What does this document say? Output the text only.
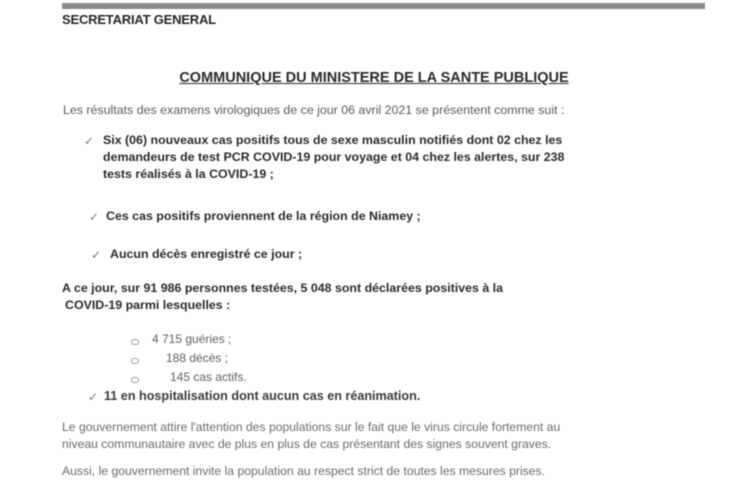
SECRETARIAT GENERAL
COMMUNIQUE DU MINISTERE DE LA SANTE PUBLIQUE
Les résultats des examens virologiques de ce jour 06 avril 2021 se présentent comme suit :
✓ Six (06) nouveaux cas positifs tous de sexe masculin notifiés dont 02 chez les
demandeurs de test PCR COVID-19 pour voyage et 04 chez les alertes, sur 238
tests réalisés à la COVID-19 ;
✓ Ces cas positifs proviennent de la région de Niamey ;
✓ Aucun décès enregistré ce jour ;
A ce jour, sur 91 986 personnes testées, 5 048 sont déclarées positives à la
COVID-19 parmi lesquelles :
4 715 guéries ;
188 décès ;
145 cas actifs.
✓ 11 en hospitalisation dont aucun cas en réanimation.
Le gouvernement attire l'attention des populations sur le fait que le virus circule fortement au
niveau communautaire avec de plus en plus de cas présentant des signes souvent graves.
Aussi, le gouvernement invite la population au respect strict de toutes les mesures prises.
